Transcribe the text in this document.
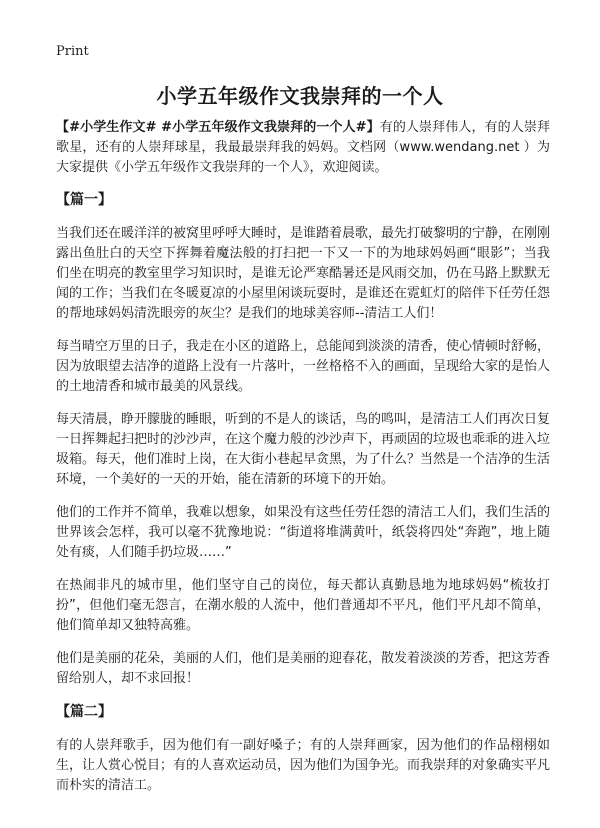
Print
小学五年级作文我崇拜的一个人

【#小学生作文# #小学五年级作文我崇拜的一个人#】有的人崇拜伟人，有的人崇拜歌星，还有的人崇拜球星，我最最崇拜我的妈妈。文档网（www.wendang.net ）为大家提供《小学五年级作文我崇拜的一个人》，欢迎阅读。

【篇一】

当我们还在暖洋洋的被窝里呼呼大睡时，是谁踏着晨歌，最先打破黎明的宁静，在刚刚露出鱼肚白的天空下挥舞着魔法般的打扫把一下又一下的为地球妈妈画“眼影”；当我们坐在明亮的教室里学习知识时，是谁无论严寒酷暑还是风雨交加，仍在马路上默默无闻的工作；当我们在冬暖夏凉的小屋里闲谈玩耍时，是谁还在霓虹灯的陪伴下任劳任怨的帮地球妈妈清洗眼旁的灰尘？是我们的地球美容师--清洁工人们！

每当晴空万里的日子，我走在小区的道路上，总能闻到淡淡的清香，使心情顿时舒畅，因为放眼望去洁净的道路上没有一片落叶，一丝格格不入的画面，呈现给大家的是怡人的土地清香和城市最美的风景线。

每天清晨，睁开朦胧的睡眼，听到的不是人的谈话，鸟的鸣叫，是清洁工人们再次日复一日挥舞起扫把时的沙沙声，在这个魔力般的沙沙声下，再顽固的垃圾也乖乖的进入垃圾箱。每天，他们准时上岗，在大街小巷起早贪黑，为了什么？当然是一个洁净的生活环境，一个美好的一天的开始，能在清新的环境下的开始。

他们的工作并不简单，我难以想象，如果没有这些任劳任怨的清洁工人们，我们生活的世界该会怎样，我可以毫不犹豫地说：“街道将堆满黄叶，纸袋将四处“奔跑”，地上随处有痰，人们随手扔垃圾……”

在热闹非凡的城市里，他们坚守自己的岗位，每天都认真勤恳地为地球妈妈“梳妆打扮”，但他们毫无怨言，在潮水般的人流中，他们普通却不平凡，他们平凡却不简单，他们简单却又独特高雅。

他们是美丽的花朵，美丽的人们，他们是美丽的迎春花，散发着淡淡的芳香，把这芳香留给别人，却不求回报！

【篇二】

有的人崇拜歌手，因为他们有一副好嗓子；有的人崇拜画家，因为他们的作品栩栩如生，让人赏心悦目；有的人喜欢运动员，因为他们为国争光。而我崇拜的对象确实平凡而朴实的清洁工。
